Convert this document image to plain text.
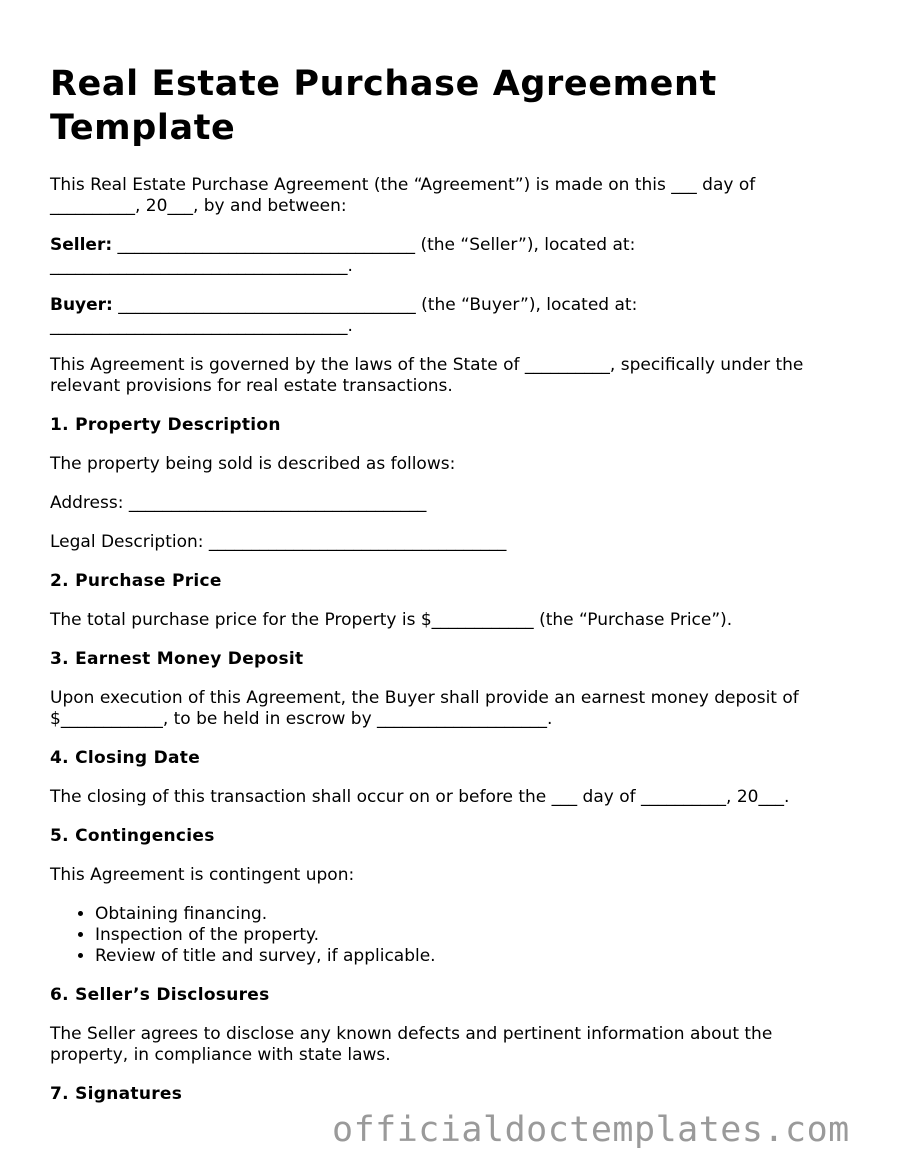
Real Estate Purchase Agreement Template

This Real Estate Purchase Agreement (the “Agreement”) is made on this ___ day of __________, 20___, by and between:

Seller: ___________________________________ (the “Seller”), located at: ___________________________________.

Buyer: ___________________________________ (the “Buyer”), located at: ___________________________________.

This Agreement is governed by the laws of the State of __________, specifically under the relevant provisions for real estate transactions.

1. Property Description

The property being sold is described as follows:

Address: ___________________________________

Legal Description: ___________________________________

2. Purchase Price

The total purchase price for the Property is $____________ (the “Purchase Price”).

3. Earnest Money Deposit

Upon execution of this Agreement, the Buyer shall provide an earnest money deposit of $____________, to be held in escrow by ____________________.

4. Closing Date

The closing of this transaction shall occur on or before the ___ day of __________, 20___.

5. Contingencies

This Agreement is contingent upon:

• Obtaining financing.
• Inspection of the property.
• Review of title and survey, if applicable.
6. Seller’s Disclosures

The Seller agrees to disclose any known defects and pertinent information about the property, in compliance with state laws.

7. Signatures
officialdoctemplates.com
